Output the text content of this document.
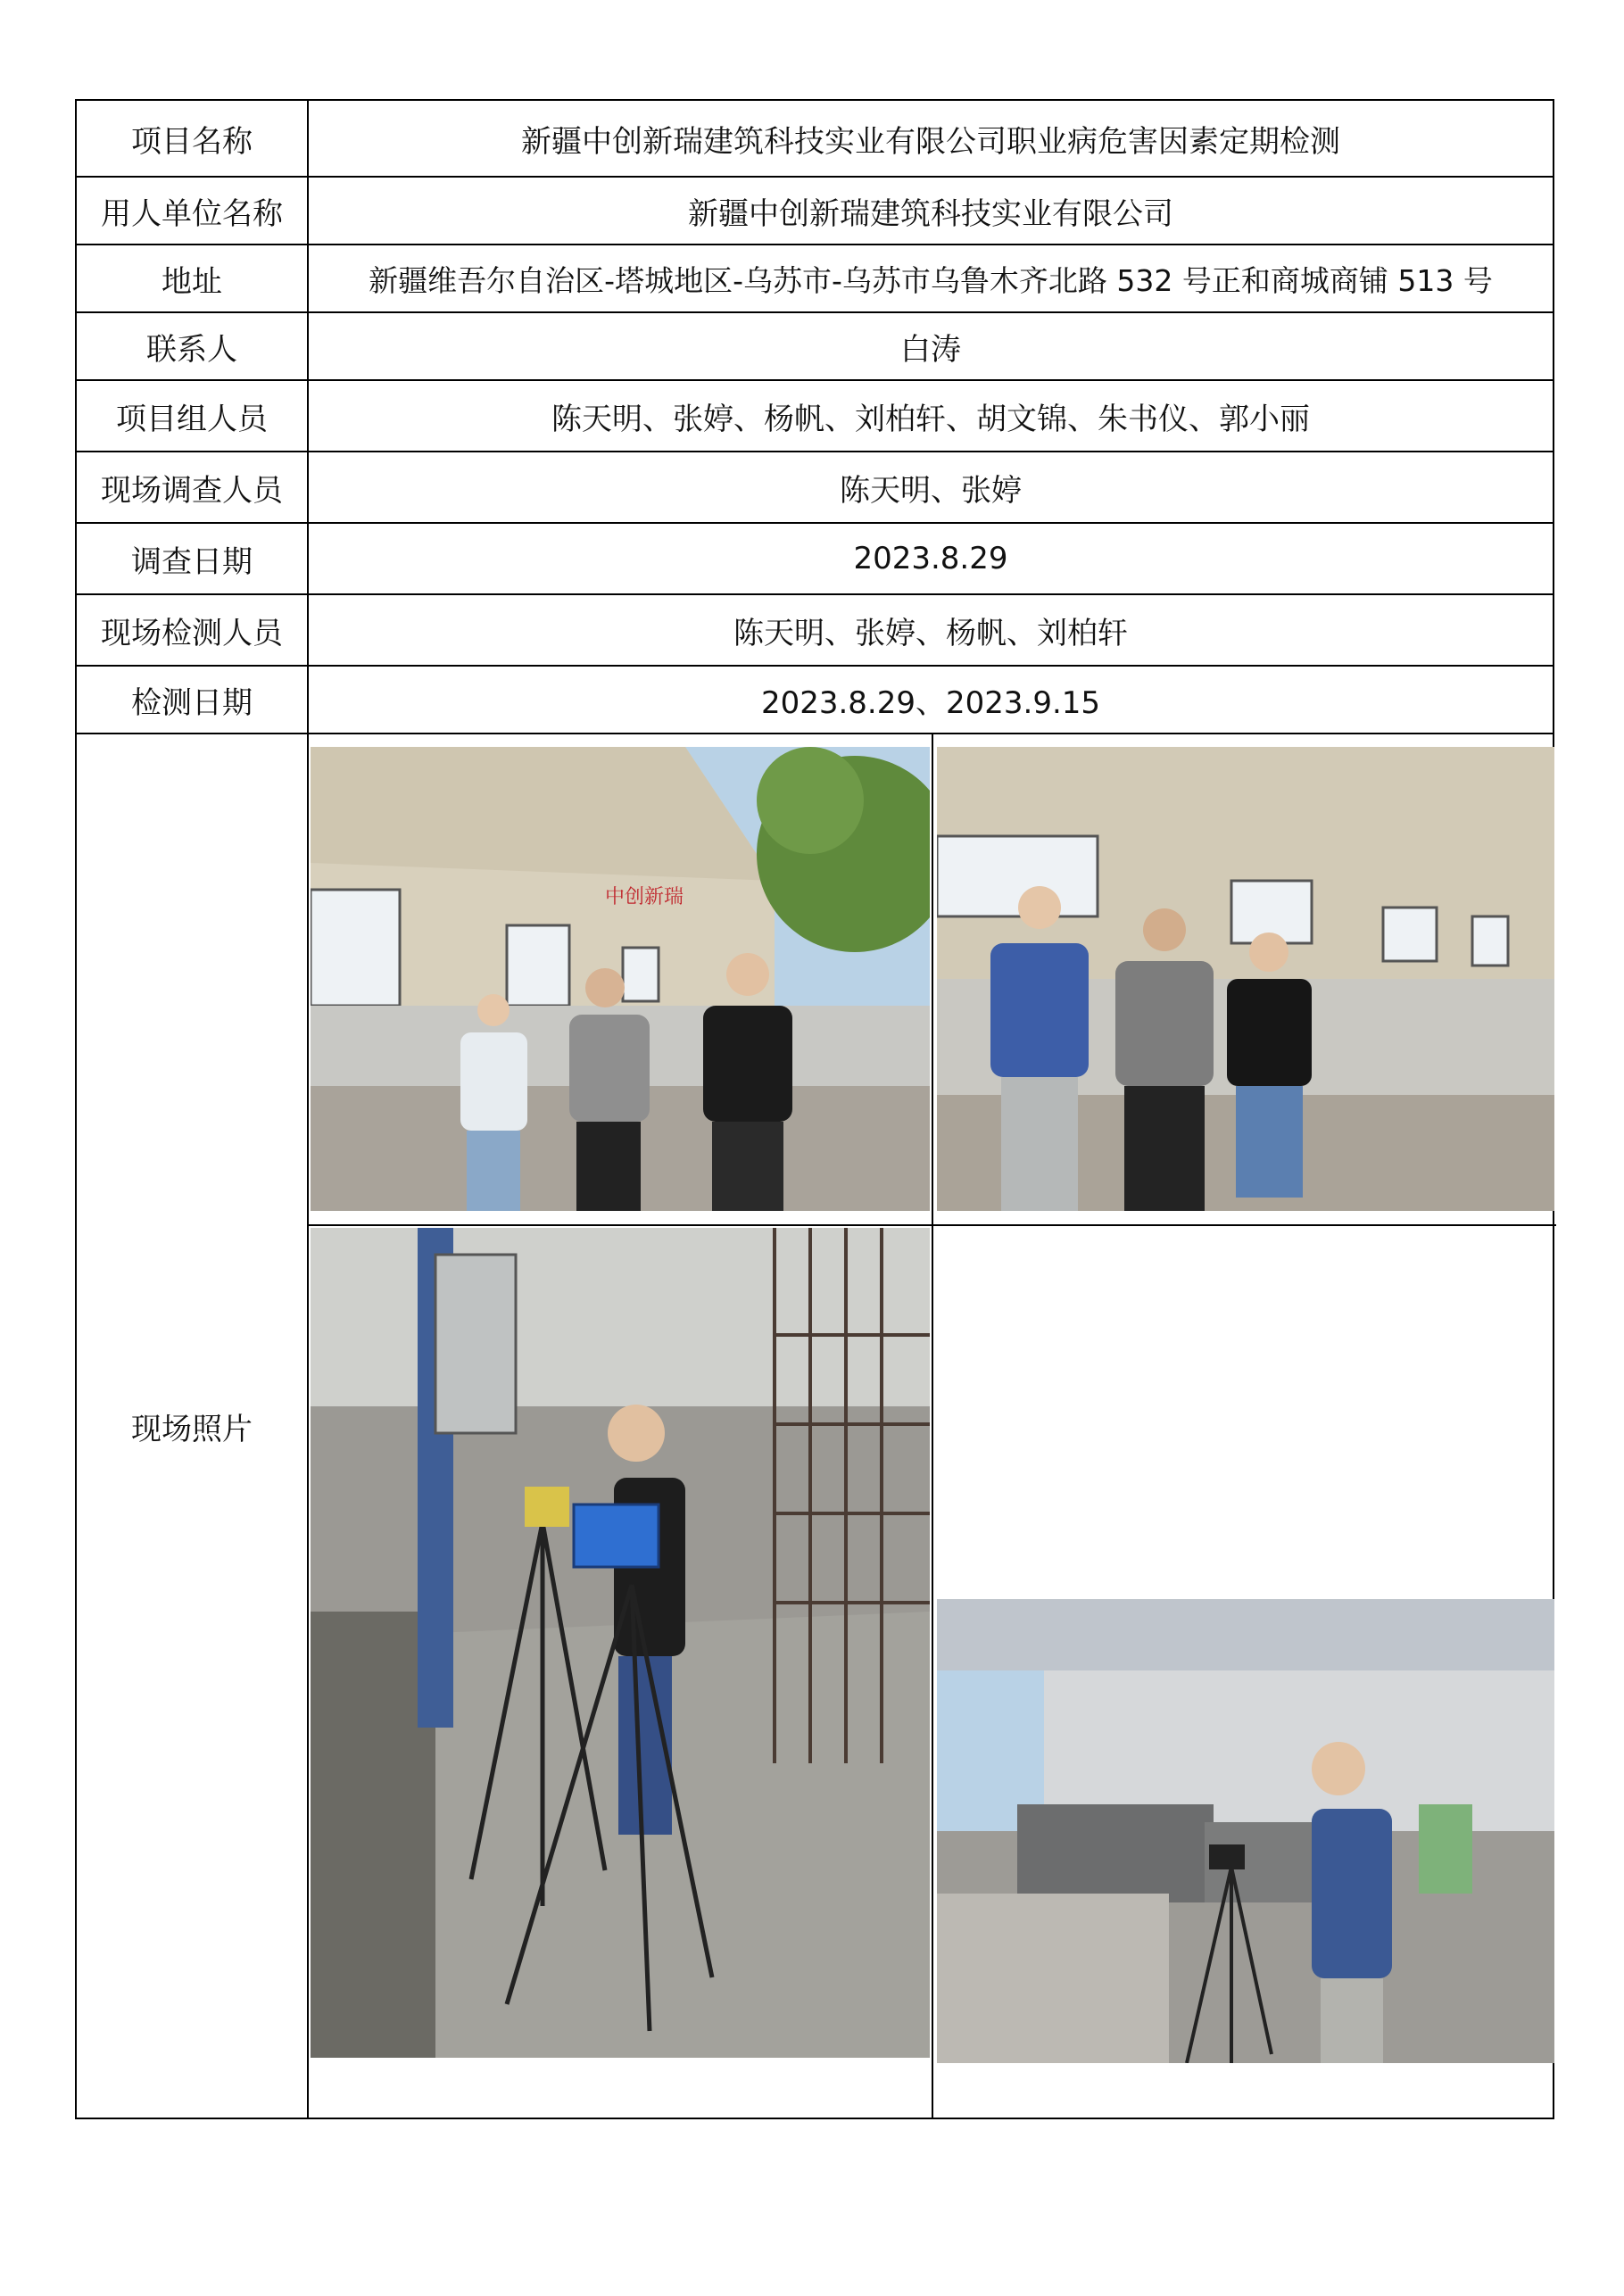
项目名称	新疆中创新瑞建筑科技实业有限公司职业病危害因素定期检测
用人单位名称	新疆中创新瑞建筑科技实业有限公司
地址	新疆维吾尔自治区-塔城地区-乌苏市-乌苏市乌鲁木齐北路 532 号正和商城商铺 513 号
联系人	白涛
项目组人员	陈天明、张婷、杨帆、刘柏轩、胡文锦、朱书仪、郭小丽
现场调查人员	陈天明、张婷
调查日期	2023.8.29
现场检测人员	陈天明、张婷、杨帆、刘柏轩
检测日期	2023.8.29、2023.9.15
现场照片	中创新瑞
